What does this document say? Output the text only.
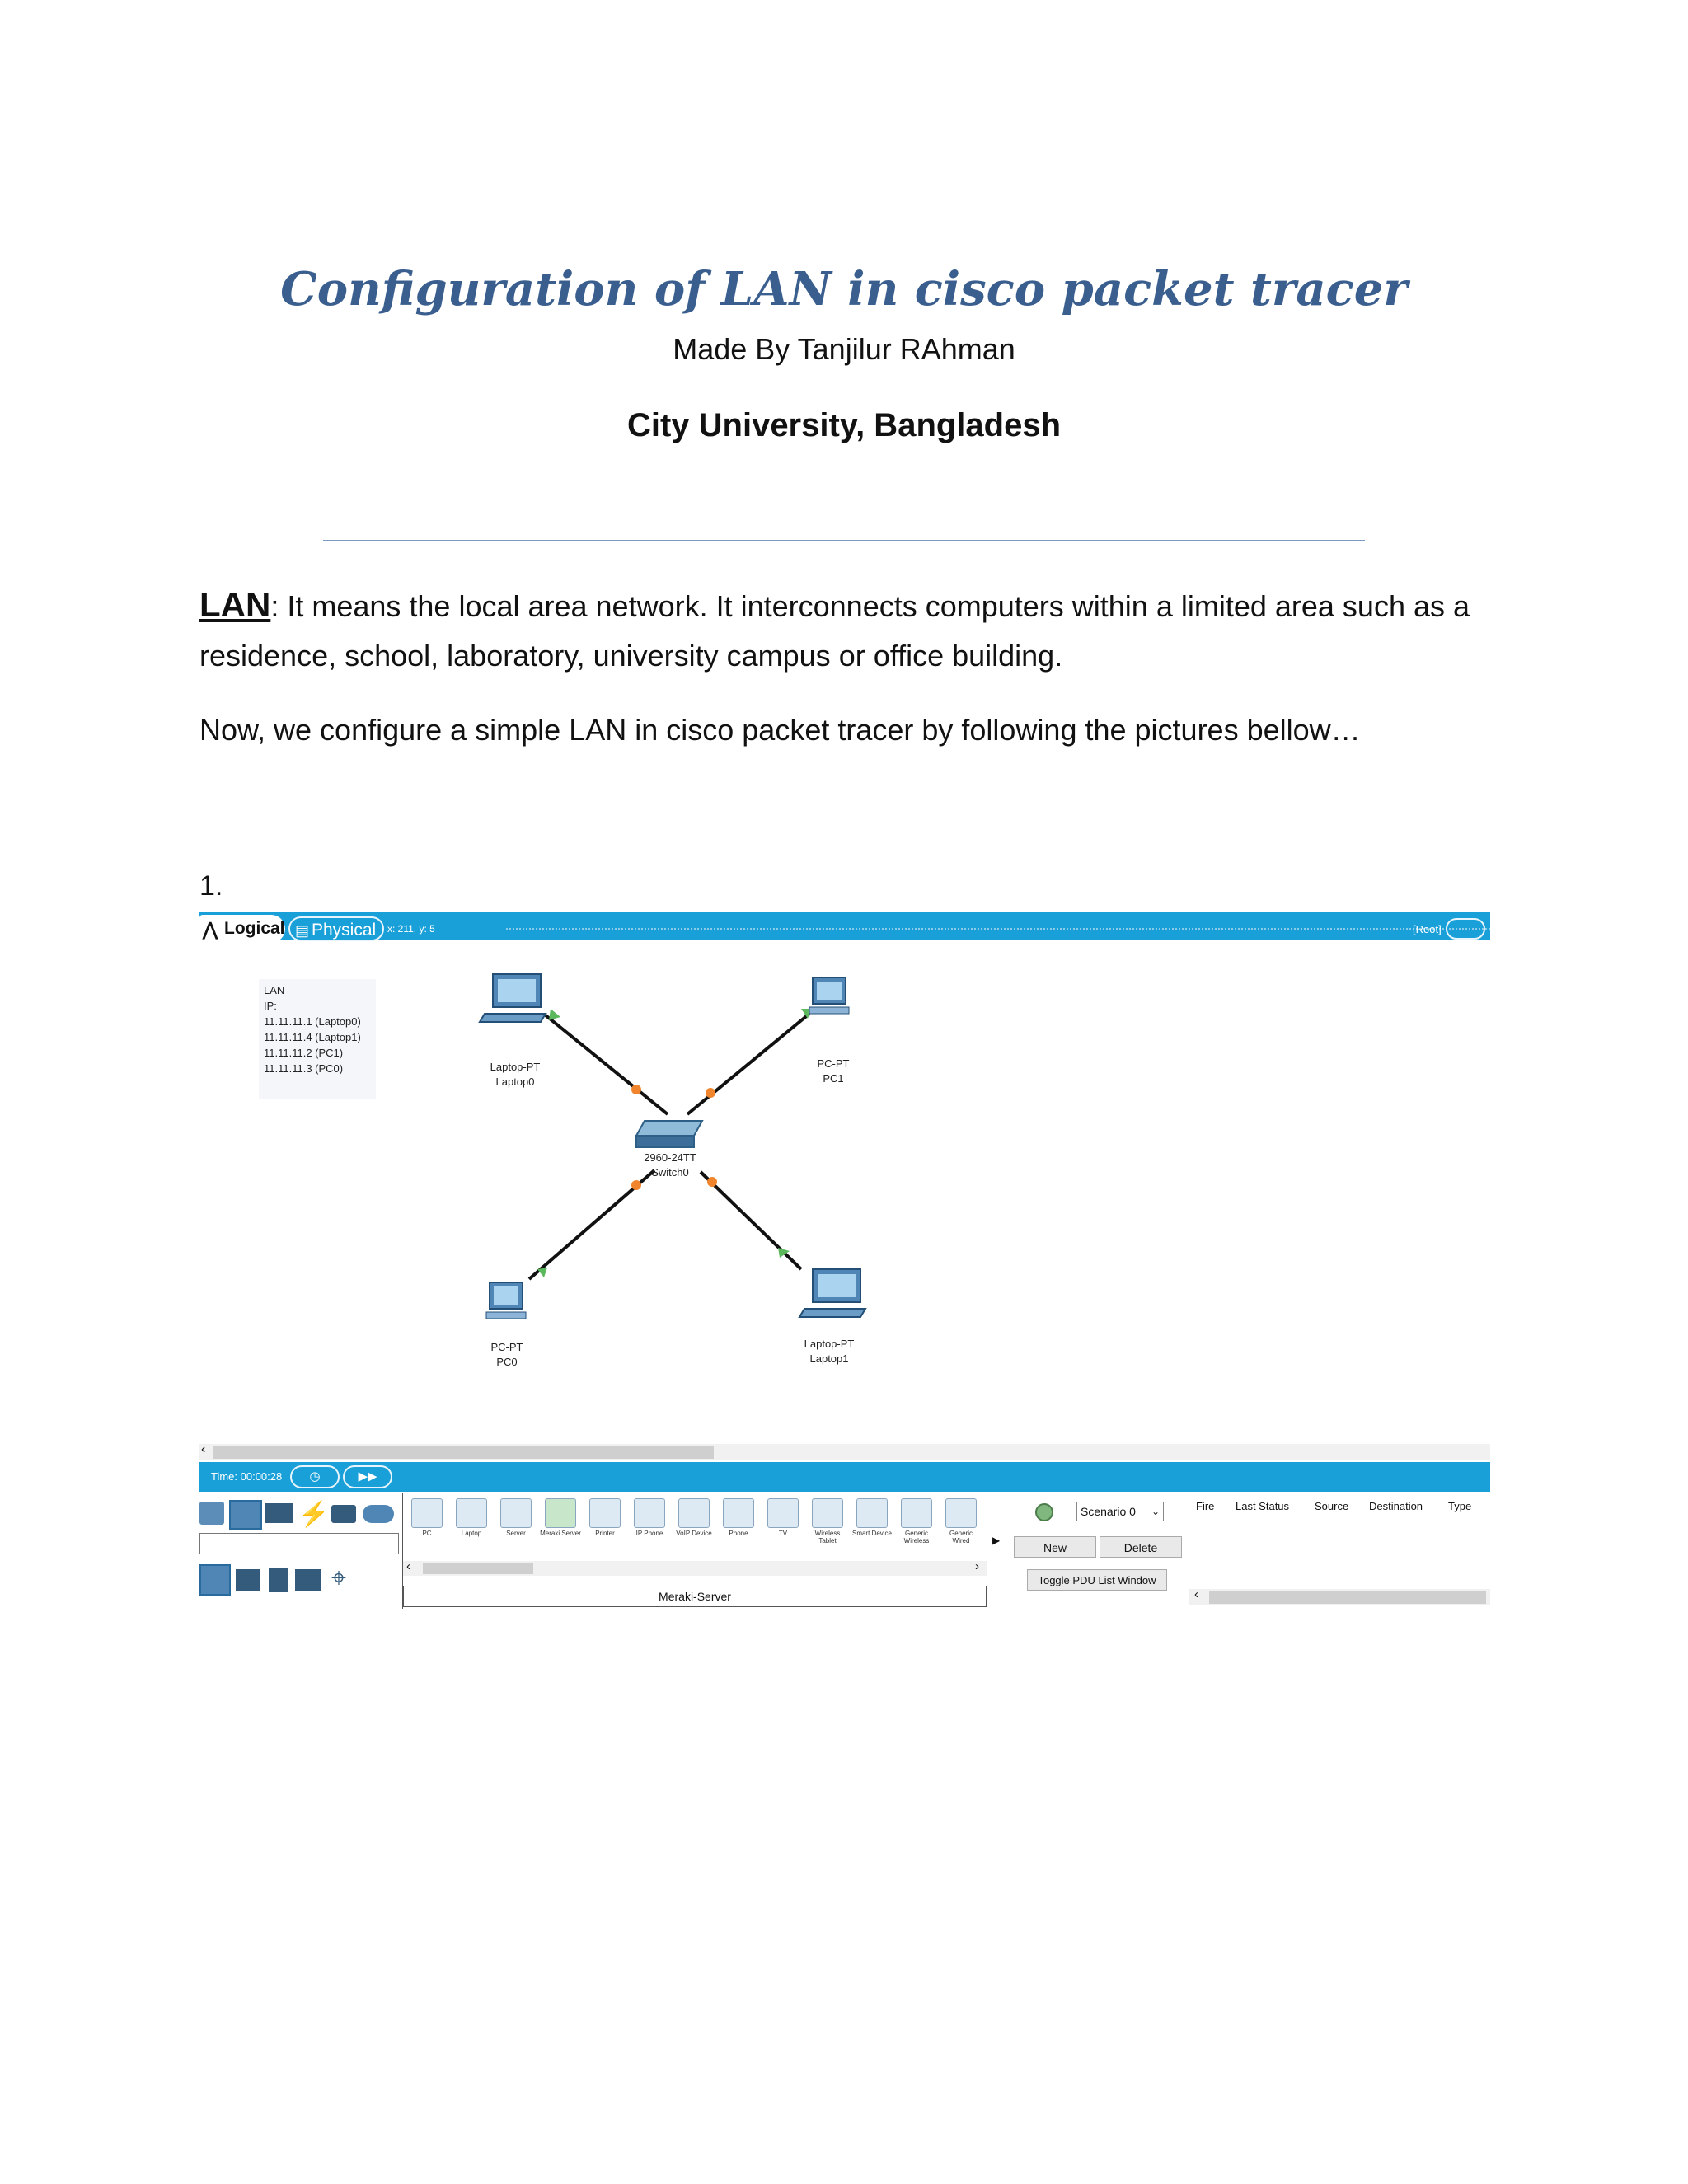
Configuration of LAN in cisco packet tracer
Made By Tanjilur RAhman
City University, Bangladesh
LAN: It means the local area network. It interconnects computers within a limited area such as a residence, school, laboratory, university campus or office building.
Now, we configure a simple LAN in cisco packet tracer by following the pictures bellow…
1.
⋀ Logical ▤ Physical	x: 211, y: 5	[Root]
LAN
IP:
11.11.11.1 (Laptop0)
11.11.11.4 (Laptop1)
11.11.11.2 (PC1)
11.11.11.3 (PC0)	Laptop-PT
Laptop0
PC-PT
PC1
2960-24TT
Switch0
PC-PT
PC0
Laptop-PT
Laptop1
‹
Time: 00:00:28	◷	▶▶
⚡
⌖
PC	Laptop	Server	Meraki Server	Printer	IP Phone	VoIP Device	Phone	TV	Wireless Tablet
Smart Device	Generic Wireless
Generic Wired
‹	›
Meraki-Server
▶
Scenario 0 ⌄
New	Delete
Toggle PDU List Window
Fire Last Status Source Destination Type
‹
